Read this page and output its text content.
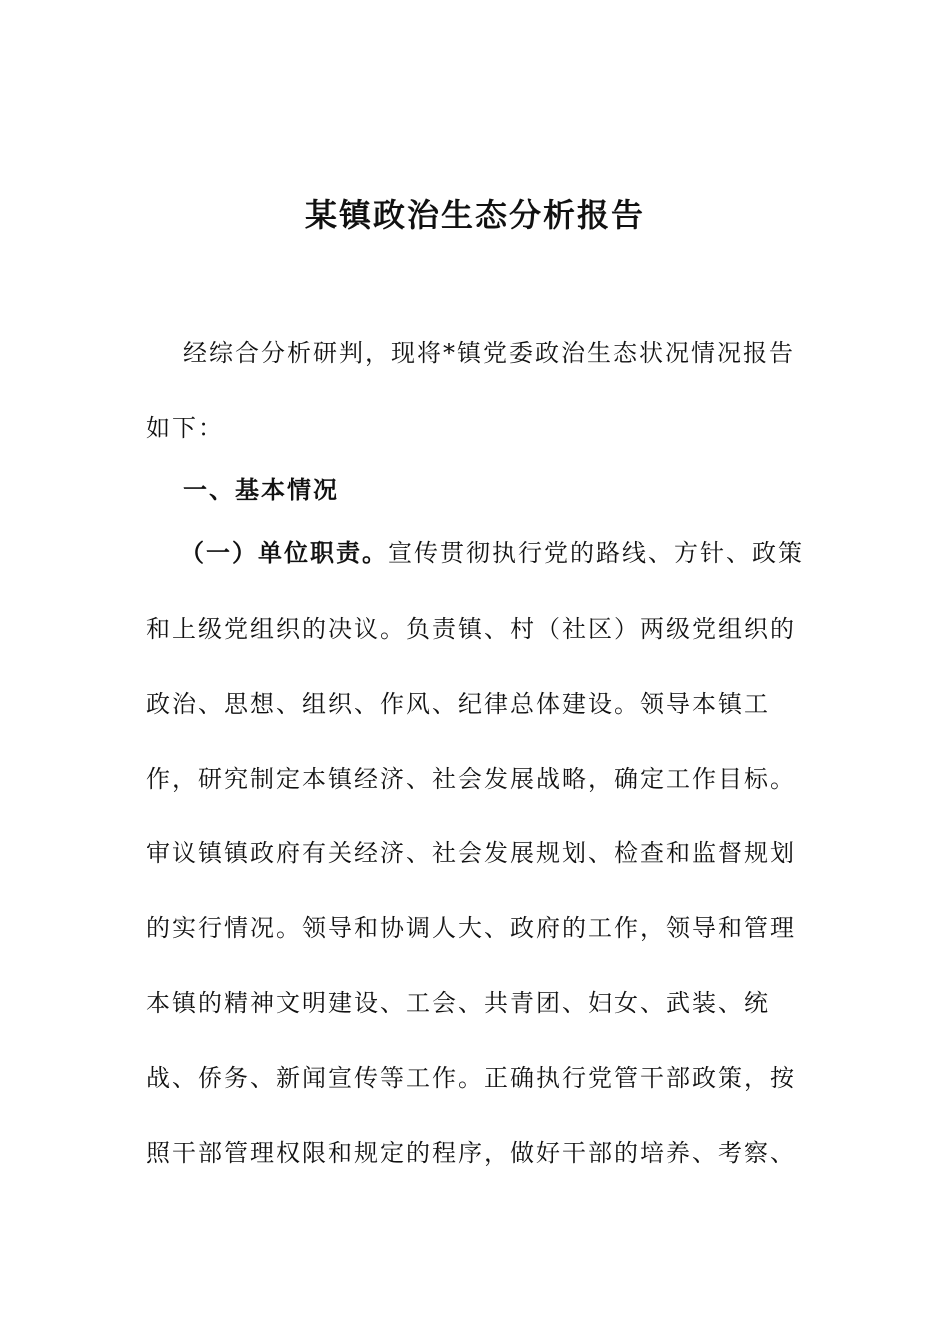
某镇政治生态分析报告
经综合分析研判，现将*镇党委政治生态状况情况报告
如下：
一、基本情况
（一）单位职责。宣传贯彻执行党的路线、方针、政策
和上级党组织的决议。负责镇、村（社区）两级党组织的
政治、思想、组织、作风、纪律总体建设。领导本镇工
作，研究制定本镇经济、社会发展战略，确定工作目标。
审议镇镇政府有关经济、社会发展规划、检查和监督规划
的实行情况。领导和协调人大、政府的工作，领导和管理
本镇的精神文明建设、工会、共青团、妇女、武装、统
战、侨务、新闻宣传等工作。正确执行党管干部政策，按
照干部管理权限和规定的程序，做好干部的培养、考察、
